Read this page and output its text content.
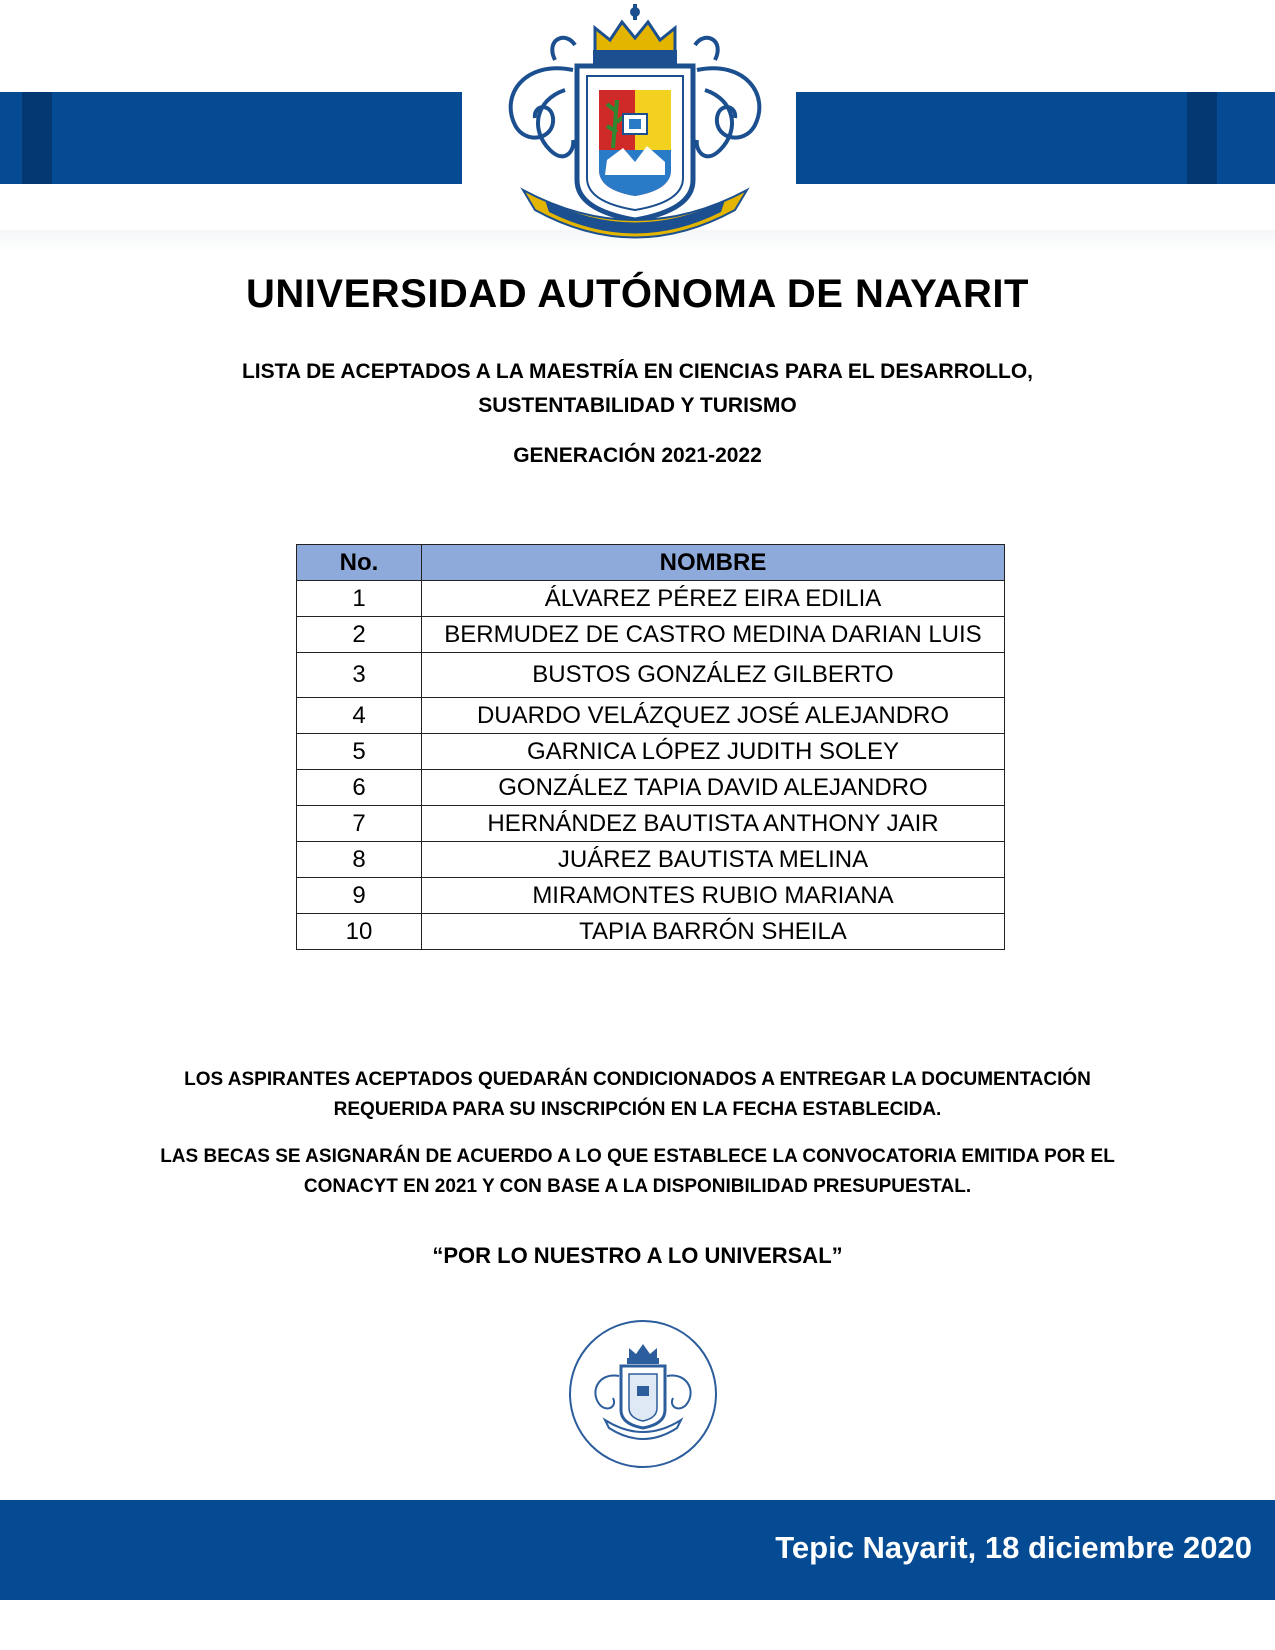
UNIVERSIDAD AUTÓNOMA DE NAYARIT
LISTA DE ACEPTADOS A LA MAESTRÍA EN CIENCIAS PARA EL DESARROLLO,
SUSTENTABILIDAD Y TURISMO
GENERACIÓN 2021-2022
No.	NOMBRE
1	ÁLVAREZ PÉREZ EIRA EDILIA
2	BERMUDEZ DE CASTRO MEDINA DARIAN LUIS
3	BUSTOS GONZÁLEZ GILBERTO
4	DUARDO VELÁZQUEZ JOSÉ ALEJANDRO
5	GARNICA LÓPEZ JUDITH SOLEY
6	GONZÁLEZ TAPIA DAVID ALEJANDRO
7	HERNÁNDEZ BAUTISTA ANTHONY JAIR
8	JUÁREZ BAUTISTA MELINA
9	MIRAMONTES RUBIO MARIANA
10	TAPIA BARRÓN SHEILA
LOS ASPIRANTES ACEPTADOS QUEDARÁN CONDICIONADOS A ENTREGAR LA DOCUMENTACIÓN
REQUERIDA PARA SU INSCRIPCIÓN EN LA FECHA ESTABLECIDA.
LAS BECAS SE ASIGNARÁN DE ACUERDO A LO QUE ESTABLECE LA CONVOCATORIA EMITIDA POR EL
CONACYT EN 2021 Y CON BASE A LA DISPONIBILIDAD PRESUPUESTAL.
“POR LO NUESTRO A LO UNIVERSAL”
Tepic Nayarit, 18 diciembre 2020
